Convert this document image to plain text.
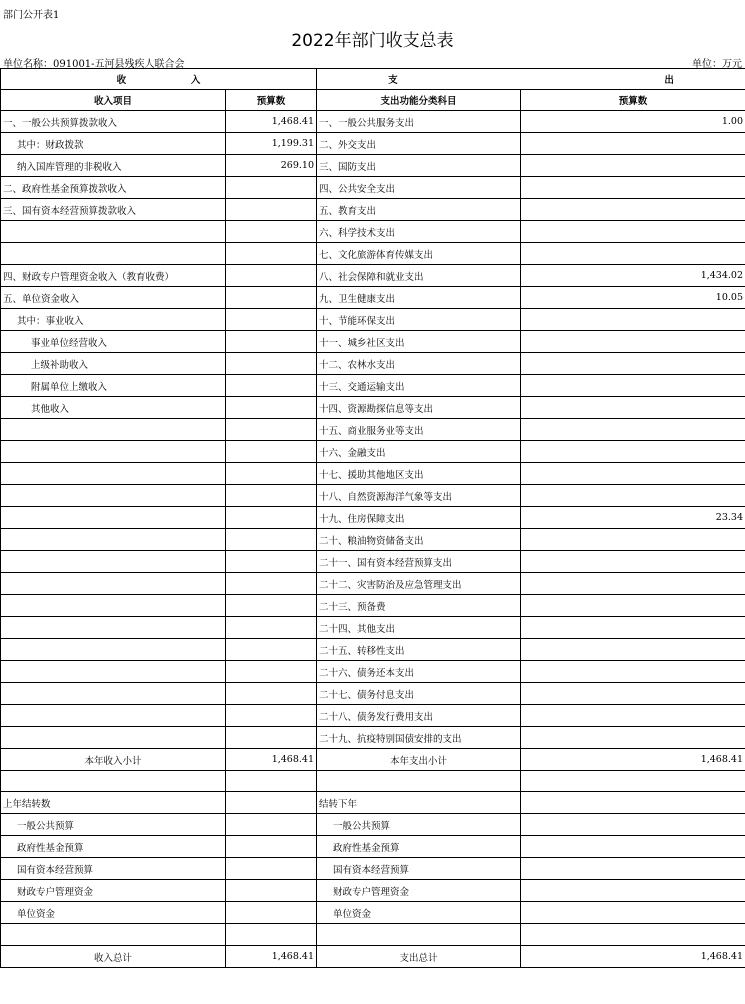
部门公开表1
2022年部门收支总表
单位名称：091001-五河县残疾人联合会	单位：万元
收 入		支 出	
收入项目	预算数	支出功能分类科目	预算数
一、一般公共预算拨款收入	1,468.41	一、一般公共服务支出	1.00
其中：财政拨款	1,199.31	二、外交支出	
纳入国库管理的非税收入	269.10	三、国防支出	
二、政府性基金预算拨款收入		四、公共安全支出	
三、国有资本经营预算拨款收入		五、教育支出	
		六、科学技术支出	
		七、文化旅游体育传媒支出	
四、财政专户管理资金收入（教育收费）		八、社会保障和就业支出	1,434.02
五、单位资金收入		九、卫生健康支出	10.05
其中：事业收入		十、节能环保支出	
事业单位经营收入		十一、城乡社区支出	
上级补助收入		十二、农林水支出	
附属单位上缴收入		十三、交通运输支出	
其他收入		十四、资源勘探信息等支出	
		十五、商业服务业等支出	
		十六、金融支出	
		十七、援助其他地区支出	
		十八、自然资源海洋气象等支出	
		十九、住房保障支出	23.34
		二十、粮油物资储备支出	
		二十一、国有资本经营预算支出	
		二十二、灾害防治及应急管理支出	
		二十三、预备费	
		二十四、其他支出	
		二十五、转移性支出	
		二十六、债务还本支出	
		二十七、债务付息支出	
		二十八、债务发行费用支出	
		二十九、抗疫特别国债安排的支出	
本年收入小计	1,468.41	本年支出小计	1,468.41

上年结转数		结转下年	
一般公共预算		一般公共预算	
政府性基金预算		政府性基金预算	
国有资本经营预算		国有资本经营预算	
财政专户管理资金		财政专户管理资金	
单位资金		单位资金	

收入总计	1,468.41	支出总计	1,468.41
